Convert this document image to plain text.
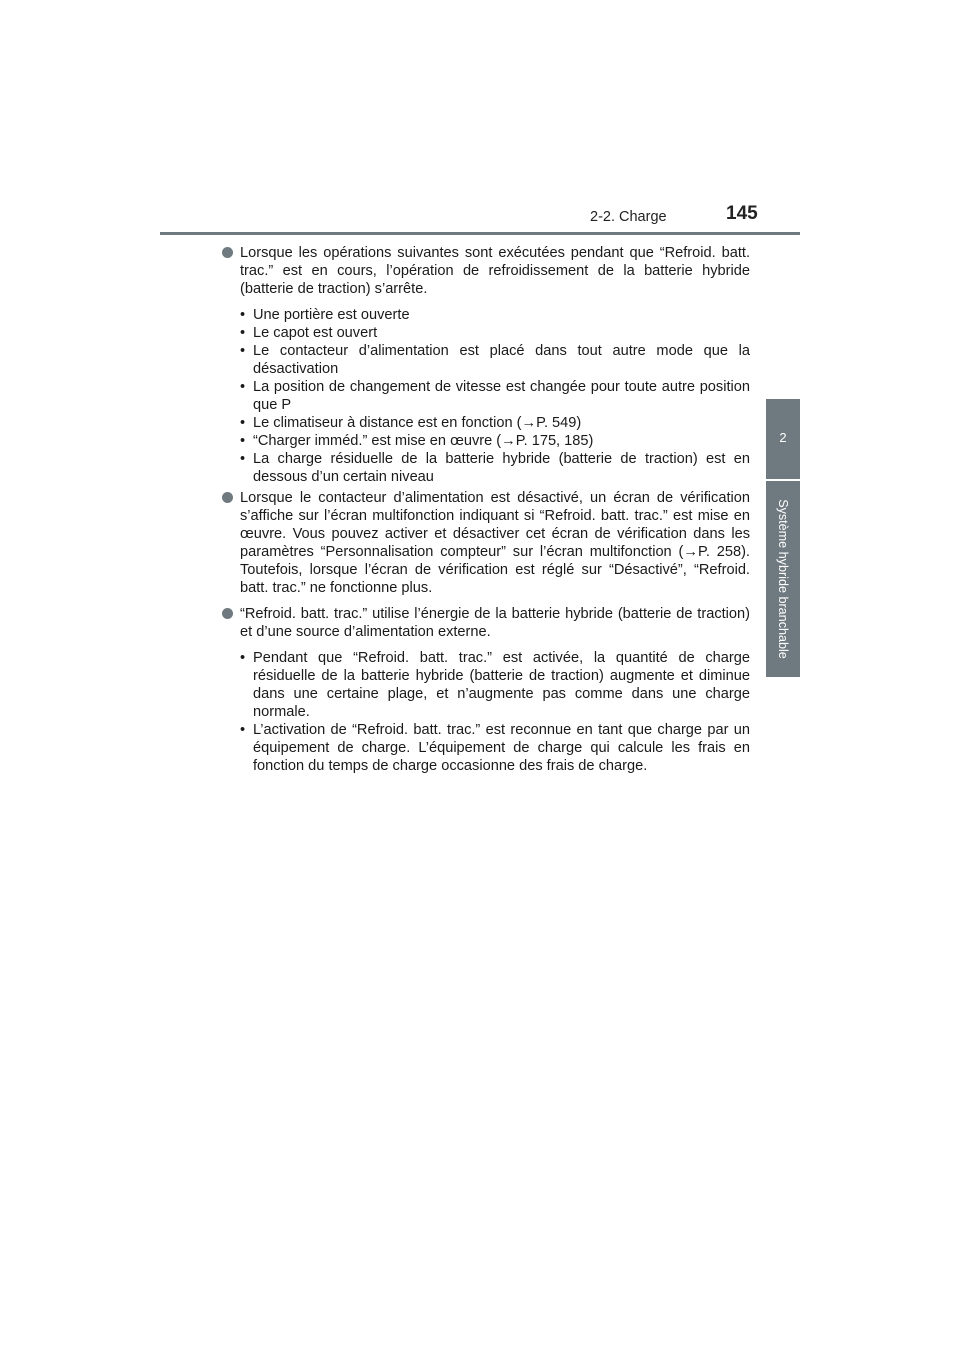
2-2. Charge	145
2
Système hybride branchable
Lorsque les opérations suivantes sont exécutées pendant que “Refroid. batt. trac.” est en cours, l’opération de refroidissement de la batterie hybride (batterie de traction) s’arrête.
• Une portière est ouverte
• Le capot est ouvert
• Le contacteur d’alimentation est placé dans tout autre mode que la désactivation
• La position de changement de vitesse est changée pour toute autre position que P
• Le climatiseur à distance est en fonction (→P. 549)
• “Charger imméd.” est mise en œuvre (→P. 175, 185)
• La charge résiduelle de la batterie hybride (batterie de traction) est en dessous d’un certain niveau
Lorsque le contacteur d’alimentation est désactivé, un écran de vérification s’affiche sur l’écran multifonction indiquant si “Refroid. batt. trac.” est mise en œuvre. Vous pouvez activer et désactiver cet écran de vérification dans les paramètres “Personnalisation compteur” sur l’écran multifonction (→P. 258). Toutefois, lorsque l’écran de vérification est réglé sur “Désactivé”, “Refroid. batt. trac.” ne fonctionne plus.
“Refroid. batt. trac.” utilise l’énergie de la batterie hybride (batterie de traction) et d’une source d’alimentation externe.
• Pendant que “Refroid. batt. trac.” est activée, la quantité de charge résiduelle de la batterie hybride (batterie de traction) augmente et diminue dans une certaine plage, et n’augmente pas comme dans une charge normale.
• L’activation de “Refroid. batt. trac.” est reconnue en tant que charge par un équipement de charge. L’équipement de charge qui calcule les frais en fonction du temps de charge occasionne des frais de charge.
